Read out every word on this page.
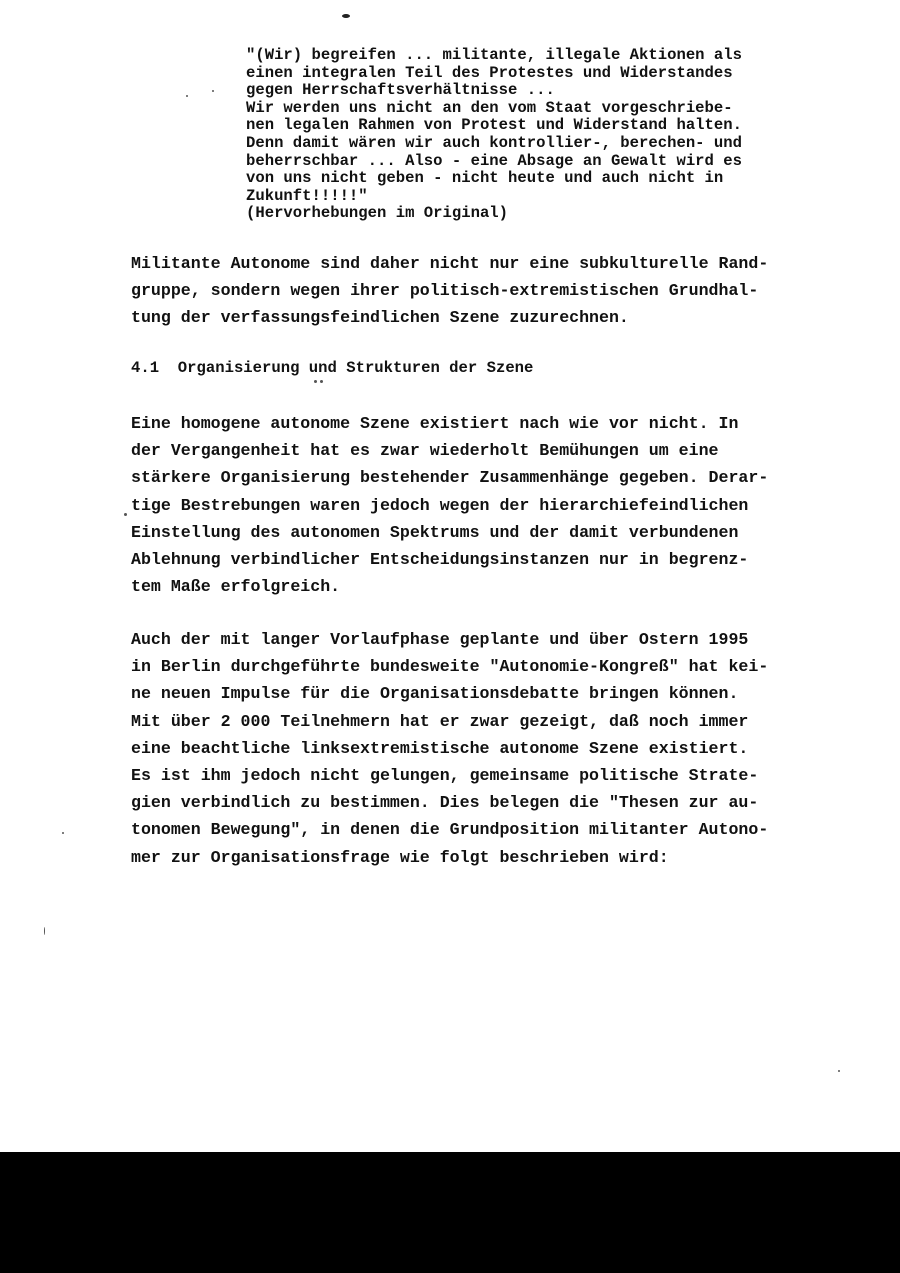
"(Wir) begreifen ... militante, illegale Aktionen als
einen integralen Teil des Protestes und Widerstandes
gegen Herrschaftsverhältnisse ...
Wir werden uns nicht an den vom Staat vorgeschriebe-
nen legalen Rahmen von Protest und Widerstand halten.
Denn damit wären wir auch kontrollier-, berechen- und
beherrschbar ... Also - eine Absage an Gewalt wird es
von uns nicht geben - nicht heute und auch nicht in
Zukunft!!!!!"
(Hervorhebungen im Original)
Militante Autonome sind daher nicht nur eine subkulturelle Rand-
gruppe, sondern wegen ihrer politisch-extremistischen Grundhal-
tung der verfassungsfeindlichen Szene zuzurechnen.
4.1 Organisierung und Strukturen der Szene
Eine homogene autonome Szene existiert nach wie vor nicht. In
der Vergangenheit hat es zwar wiederholt Bemühungen um eine
stärkere Organisierung bestehender Zusammenhänge gegeben. Derar-
tige Bestrebungen waren jedoch wegen der hierarchiefeindlichen
Einstellung des autonomen Spektrums und der damit verbundenen
Ablehnung verbindlicher Entscheidungsinstanzen nur in begrenz-
tem Maße erfolgreich.
Auch der mit langer Vorlaufphase geplante und über Ostern 1995
in Berlin durchgeführte bundesweite "Autonomie-Kongreß" hat kei-
ne neuen Impulse für die Organisationsdebatte bringen können.
Mit über 2 000 Teilnehmern hat er zwar gezeigt, daß noch immer
eine beachtliche linksextremistische autonome Szene existiert.
Es ist ihm jedoch nicht gelungen, gemeinsame politische Strate-
gien verbindlich zu bestimmen. Dies belegen die "Thesen zur au-
tonomen Bewegung", in denen die Grundposition militanter Autono-
mer zur Organisationsfrage wie folgt beschrieben wird:
